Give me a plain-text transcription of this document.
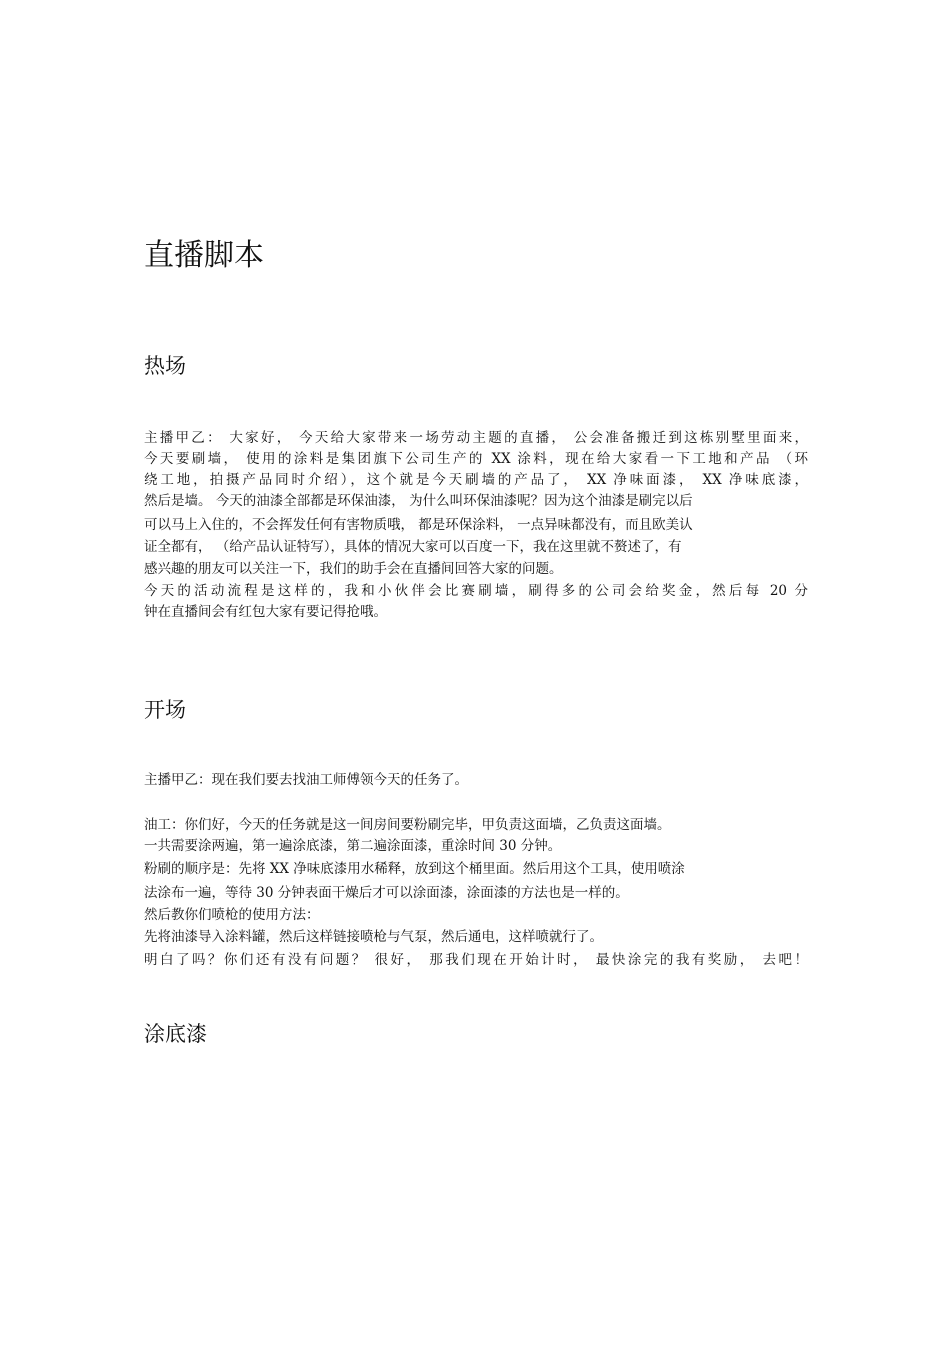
直播脚本
热场
主播甲乙： 大家好， 今天给大家带来一场劳动主题的直播， 公会准备搬迁到这栋别墅里面来，
今天要刷墙， 使用的涂料是集团旗下公司生产的 XX 涂料，现在给大家看一下工地和产品 （环
绕工地，拍摄产品同时介绍），这个就是今天刷墙的产品了， XX 净味面漆， XX 净味底漆，
然后是墙。 今天的油漆全部都是环保油漆， 为什么叫环保油漆呢？因为这个油漆是刷完以后
可以马上入住的，不会挥发任何有害物质哦， 都是环保涂料， 一点异味都没有，而且欧美认
证全都有， （给产品认证特写），具体的情况大家可以百度一下，我在这里就不赘述了，有
感兴趣的朋友可以关注一下，我们的助手会在直播间回答大家的问题。
今天的活动流程是这样的，我和小伙伴会比赛刷墙，刷得多的公司会给奖金，然后每 20 分
钟在直播间会有红包大家有要记得抢哦。
开场
主播甲乙：现在我们要去找油工师傅领今天的任务了。
油工：你们好，今天的任务就是这一间房间要粉刷完毕，甲负责这面墙，乙负责这面墙。
一共需要涂两遍，第一遍涂底漆，第二遍涂面漆，重涂时间 30 分钟。
粉刷的顺序是：先将 XX 净味底漆用水稀释，放到这个桶里面。然后用这个工具，使用喷涂
法涂布一遍，等待 30 分钟表面干燥后才可以涂面漆，涂面漆的方法也是一样的。
然后教你们喷枪的使用方法：
先将油漆导入涂料罐，然后这样链接喷枪与气泵，然后通电，这样喷就行了。
明白了吗？你们还有没有问题？ 很好， 那我们现在开始计时， 最快涂完的我有奖励， 去吧！
涂底漆
